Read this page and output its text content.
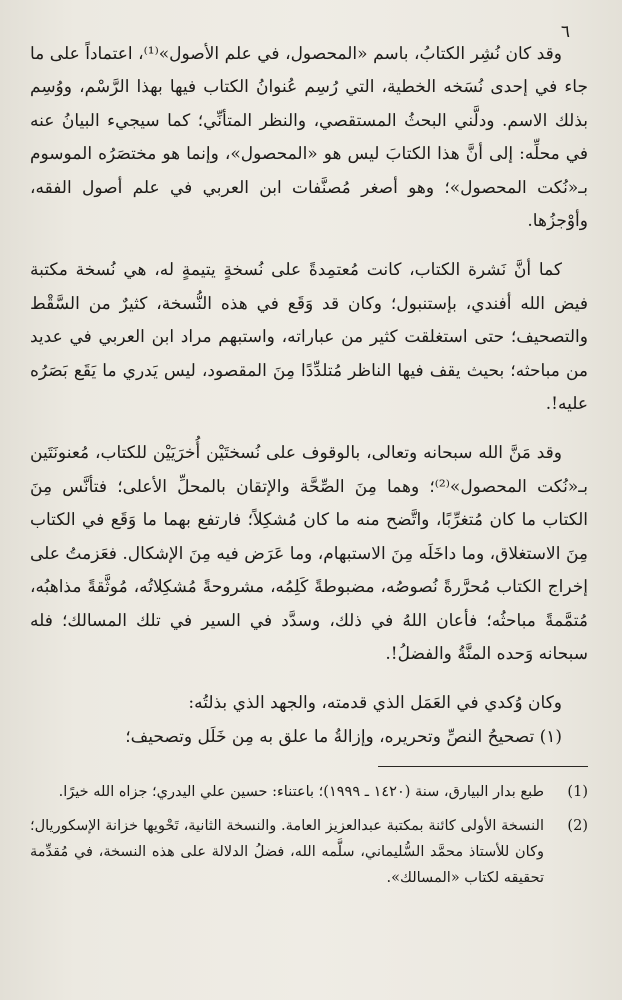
٦

وقد كان نُشِر الكتابُ، باسم «المحصول، في علم الأصول»⁽¹⁾، اعتماداً على ما جاء في إحدى نُسَخه الخطية، التي رُسِم عُنوانُ الكتاب فيها بهذا الرَّسْم، ووُسِم بذلك الاسم. ودلَّني البحثُ المستقصي، والنظر المتأنِّي؛ كما سيجيء البيانُ عنه في محلِّه: إلى أنَّ هذا الكتابَ ليس هو «المحصول»، وإنما هو مختصَرُه الموسوم بـ«نُكت المحصول»؛ وهو أصغر مُصنَّفات ابن العربي في علم أصول الفقه، وأوْجزُها.

كما أنَّ نَشرة الكتاب، كانت مُعتمِدةً على نُسخةٍ يتيمةٍ له، هي نُسخة مكتبة فيض الله أفندي، بإستنبول؛ وكان قد وَقَع في هذه النُّسخة، كثيرٌ من السَّقْط والتصحيف؛ حتى استغلقت كثير من عباراته، واستبهم مراد ابن العربي في عديد من مباحثه؛ بحيث يقف فيها الناظر مُتلدِّدًا مِنَ المقصود، ليس يَدري ما يَقَع بَصَرُه عليه!.

وقد مَنَّ الله سبحانه وتعالى، بالوقوف على نُسختَيْن أُخرَيَيْن للكتاب، مُعنونَتَين بـ«نُكت المحصول»⁽²⁾؛ وهما مِنَ الصِّحَّة والإتقان بالمحلِّ الأعلى؛ فتأنَّس مِنَ الكتاب ما كان مُتغرِّبًا، واتَّضح منه ما كان مُشكِلاً؛ فارتفع بهما ما وَقَع في الكتاب مِنَ الاستغلاق، وما داخَلَه مِنَ الاستبهام، وما عَرَض فيه مِنَ الإشكال. فعَزمتُ على إخراج الكتاب مُحرَّرةً نُصوصُه، مضبوطةً كَلِمُه، مشروحةً مُشكِلاتُه، مُوثَّقةً مذاهبُه، مُتمَّمةً مباحثُه؛ فأعان اللهُ في ذلك، وسدَّد في السير في تلك المسالك؛ فله سبحانه وَحده المنَّةُ والفضلُ!.

وكان وُكدي في العَمَل الذي قدمته، والجهد الذي بذلتُه:

(١) تصحيحُ النصِّ وتحريره، وإزالةُ ما علق به مِن خَلَل وتصحيف؛

(1)
طبع بدار البيارق، سنة (١٤٢٠ ـ ١٩٩٩)؛ باعتناء: حسين علي اليدري؛ جزاه الله خيرًا.
(2)
النسخة الأولى كائنة بمكتبة عبدالعزيز العامة. والنسخة الثانية، تَحْويها خزانة الإسكوريال؛ وكان للأستاذ محمَّد السُّليماني، سلَّمه الله، فضلُ الدلالة على هذه النسخة، في مُقدِّمة تحقيقه لكتاب «المسالك».
